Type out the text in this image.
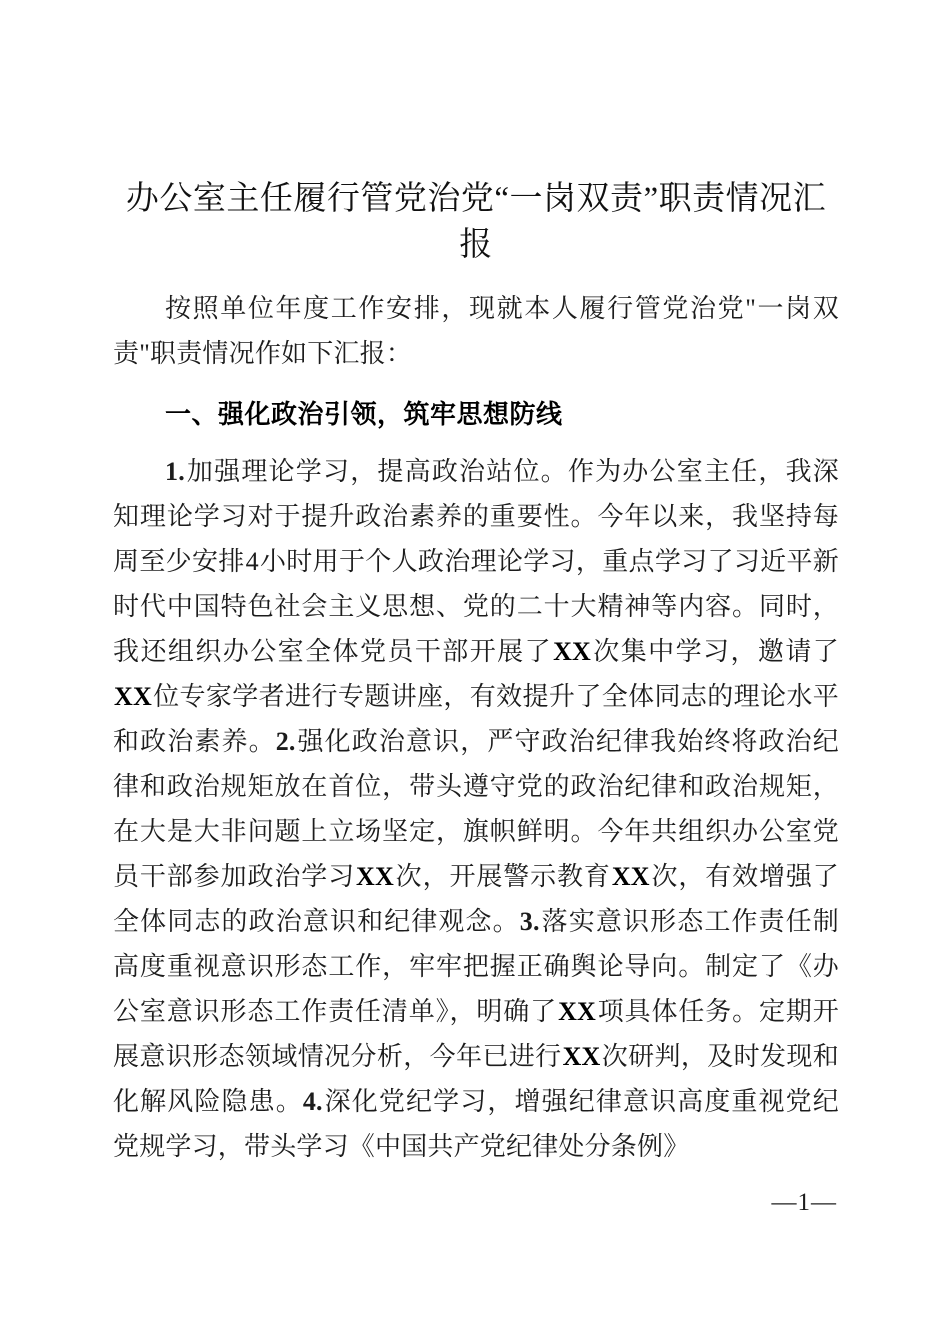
办公室主任履行管党治党“一岗双责”职责情况汇报

按照单位年度工作安排，现就本人履行管党治党"一岗双责"职责情况作如下汇报：

一、强化政治引领，筑牢思想防线

1.加强理论学习，提高政治站位。作为办公室主任，我深知理论学习对于提升政治素养的重要性。今年以来，我坚持每周至少安排4小时用于个人政治理论学习，重点学习了习近平新时代中国特色社会主义思想、党的二十大精神等内容。同时，我还组织办公室全体党员干部开展了XX次集中学习，邀请了XX位专家学者进行专题讲座，有效提升了全体同志的理论水平和政治素养。2.强化政治意识，严守政治纪律我始终将政治纪律和政治规矩放在首位，带头遵守党的政治纪律和政治规矩，在大是大非问题上立场坚定，旗帜鲜明。今年共组织办公室党员干部参加政治学习XX次，开展警示教育XX次，有效增强了全体同志的政治意识和纪律观念。3.落实意识形态工作责任制高度重视意识形态工作，牢牢把握正确舆论导向。制定了《办公室意识形态工作责任清单》，明确了XX项具体任务。定期开展意识形态领域情况分析，今年已进行XX次研判，及时发现和化解风险隐患。4.深化党纪学习，增强纪律意识高度重视党纪党规学习，带头学习《中国共产党纪律处分条例》

—1—
